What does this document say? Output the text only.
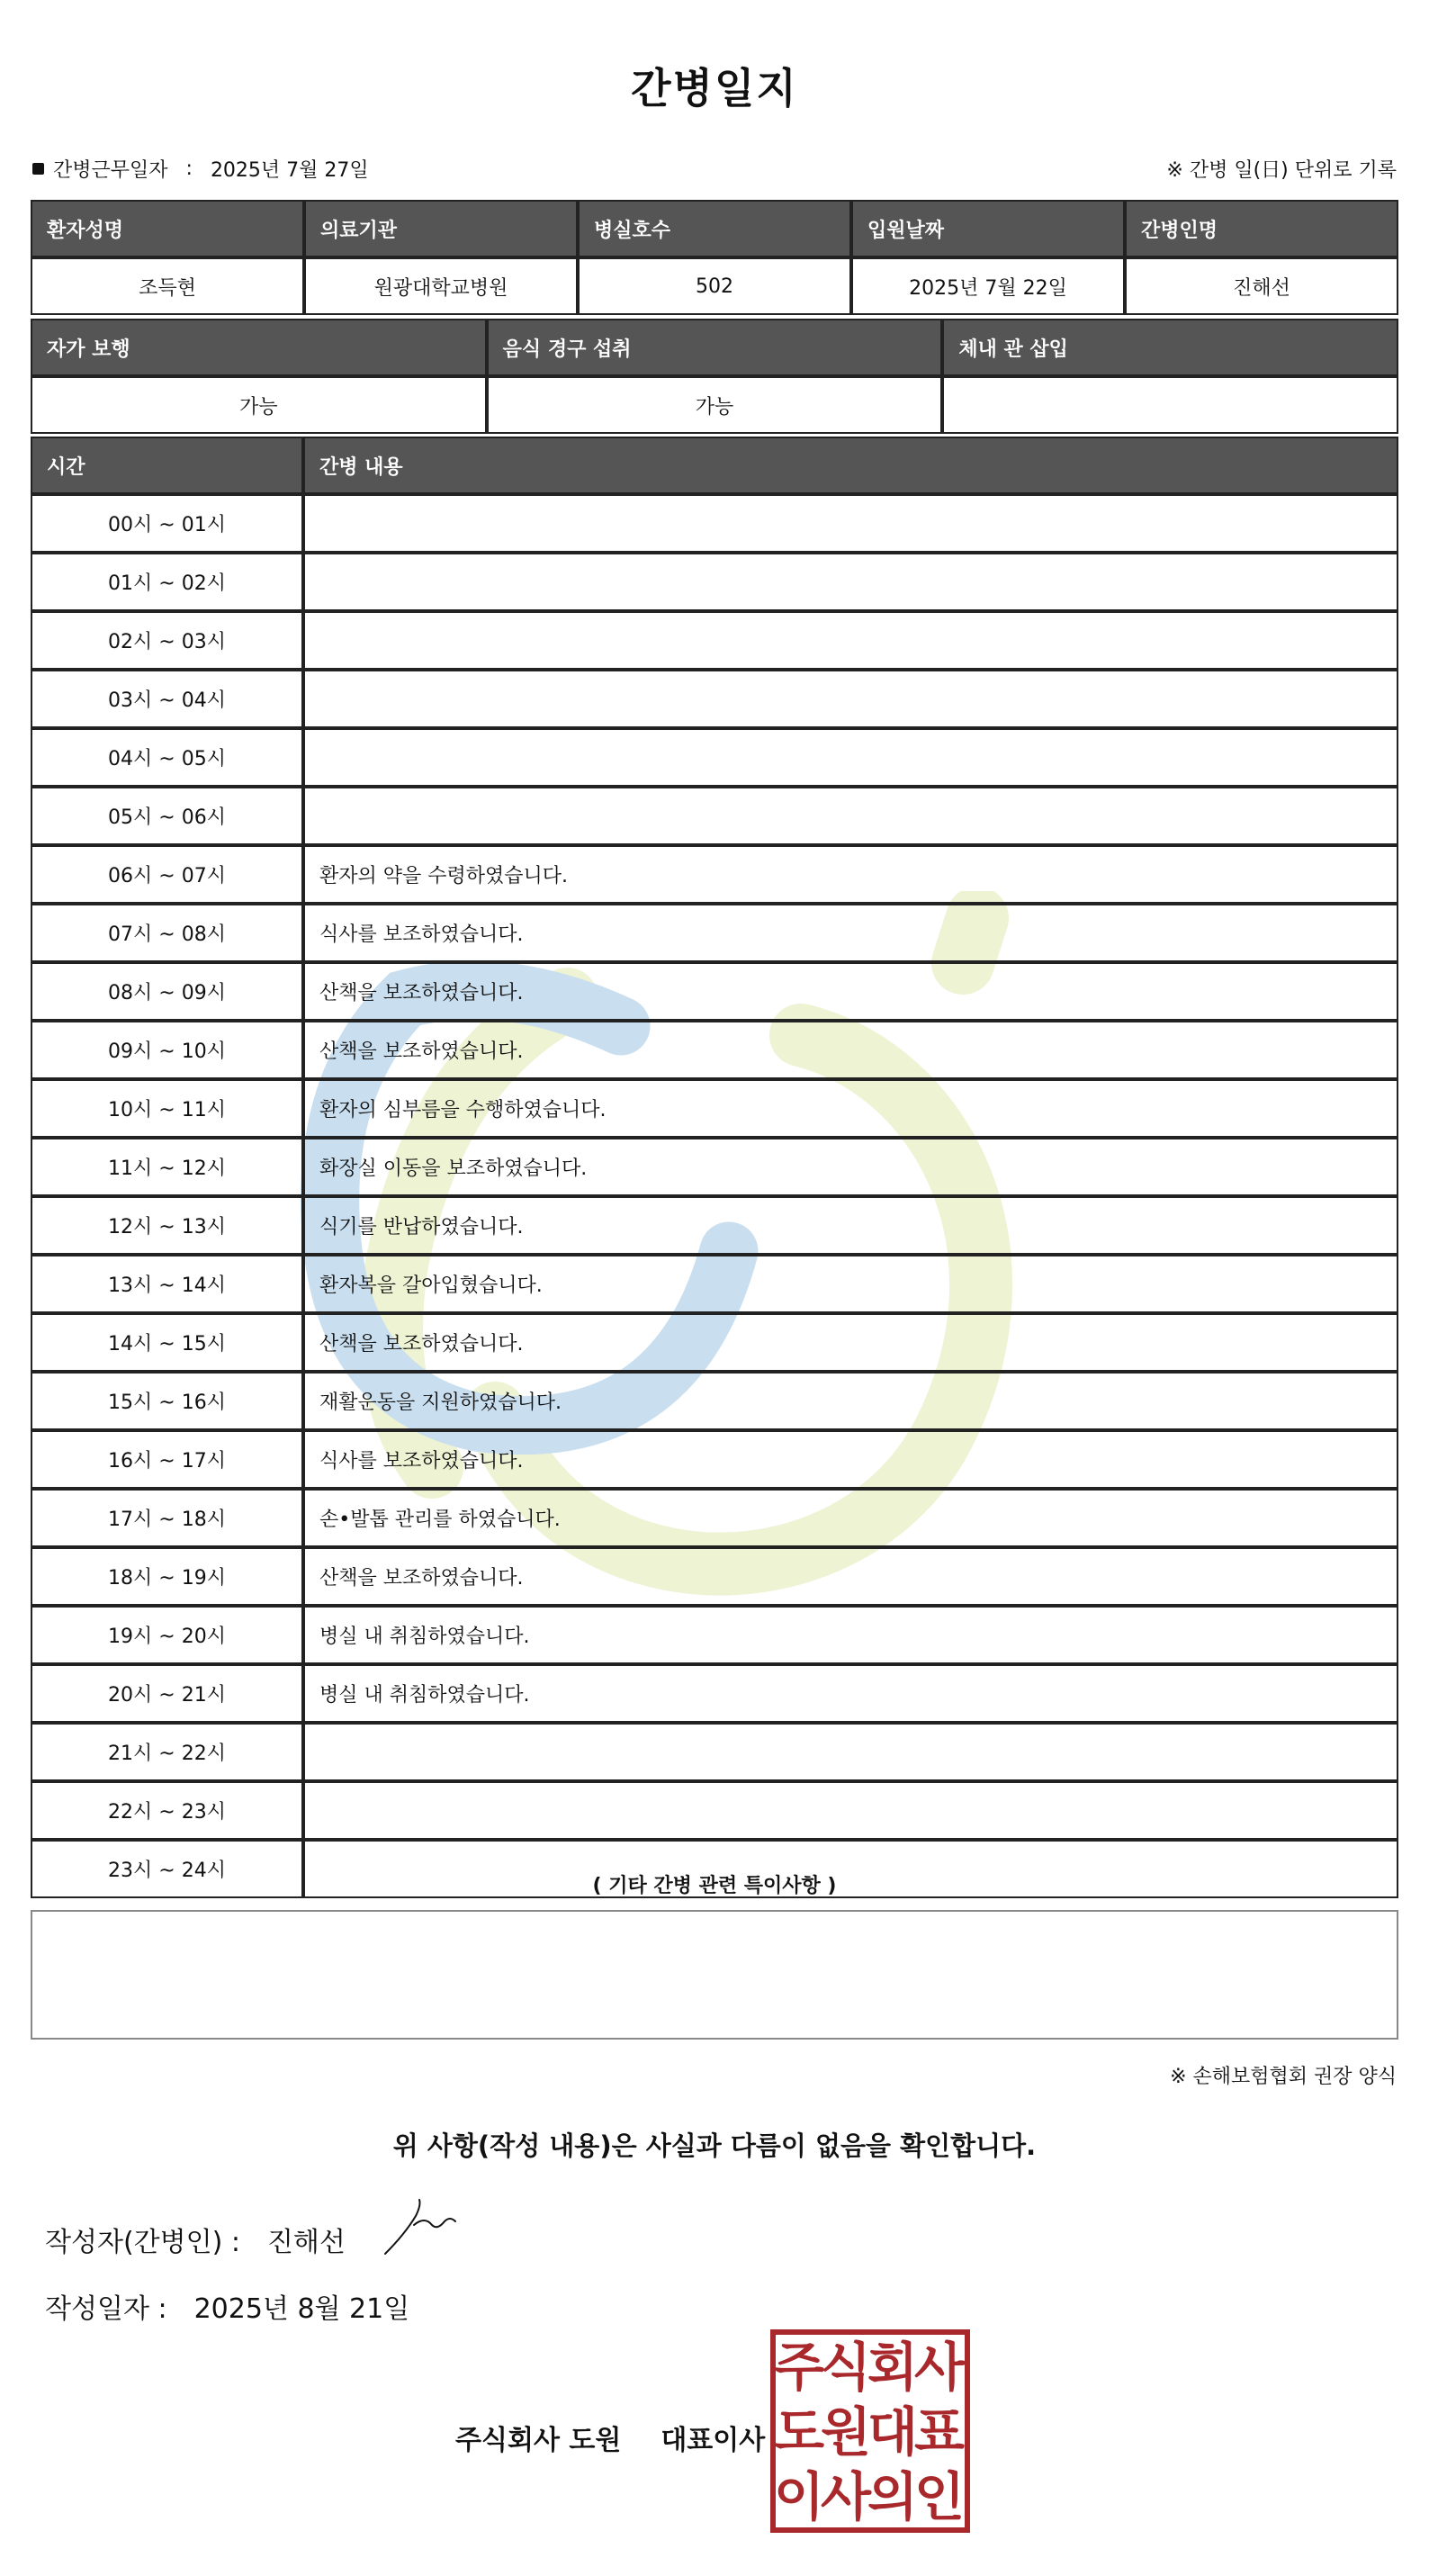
간병일지
간병근무일자 : 2025년 7월 27일	※ 간병 일(日) 단위로 기록
환자성명	의료기관	병실호수	입원날짜	간병인명
조득현	원광대학교병원	502	2025년 7월 22일	진해선
자가 보행	음식 경구 섭취	체내 관 삽입
가능	가능	
시간	간병 내용
00시 ~ 01시	
01시 ~ 02시	
02시 ~ 03시	
03시 ~ 04시	
04시 ~ 05시	
05시 ~ 06시	
06시 ~ 07시	환자의 약을 수령하였습니다.
07시 ~ 08시	식사를 보조하였습니다.
08시 ~ 09시	산책을 보조하였습니다.
09시 ~ 10시	산책을 보조하였습니다.
10시 ~ 11시	환자의 심부름을 수행하였습니다.
11시 ~ 12시	화장실 이동을 보조하였습니다.
12시 ~ 13시	식기를 반납하였습니다.
13시 ~ 14시	환자복을 갈아입혔습니다.
14시 ~ 15시	산책을 보조하였습니다.
15시 ~ 16시	재활운동을 지원하였습니다.
16시 ~ 17시	식사를 보조하였습니다.
17시 ~ 18시	손•발톱 관리를 하였습니다.
18시 ~ 19시	산책을 보조하였습니다.
19시 ~ 20시	병실 내 취침하였습니다.
20시 ~ 21시	병실 내 취침하였습니다.
21시 ~ 22시	
22시 ~ 23시	
23시 ~ 24시	
( 기타 간병 관련 특이사항 )
※ 손해보험협회 권장 양식
위 사항(작성 내용)은 사실과 다름이 없음을 확인합니다.
작성자(간병인) : 진해선
작성일자 : 2025년 8월 21일
주식회사 도원 대표이사
주
식
회
사
도
원
대
표
이
사
의
인
